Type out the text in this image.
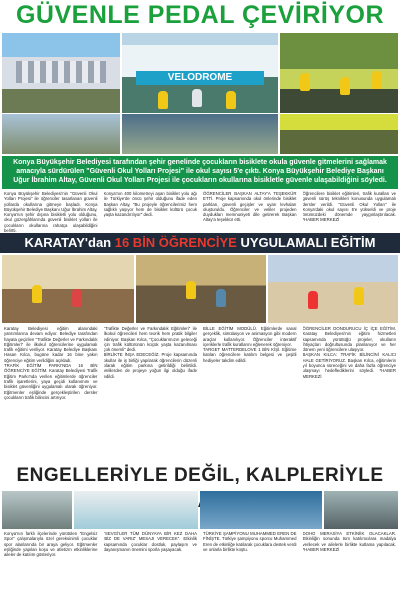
GÜVENLE PEDAL ÇEVİRİYOR
VELODROME
Konya Büyükşehir Belediyesi tarafından şehir genelinde çocukların bisiklete okula güvenle gitmelerini sağlamak amacıyla sürdürülen "Güvenli Okul Yolları Projesi" ile okul sayısı 5'e çıktı. Konya Büyükşehir Belediye Başkanı Uğur İbrahim Altay, Güvenli Okul Yolları Projesi ile çocukların okullarına bisikletle güvenle ulaşabildiğini söyledi.
Konya Büyükşehir Belediyesi'nin "Güvenli Okul Yolları Projesi" ile öğrenciler tasarlanan güvenli yollarda okullarına gitmeye başladı. Konya Büyükşehir Belediye Başkanı Uğur İbrahim Altay, Konya'nın şehir dışına bisikletli yolu olduğunu, okul güzergâhlarında güvenli bisiklet yolları ile çocukların okullarına rahatça ulaşabildiğini belirtti.
Konya'nın 400 kilometreyi aşan bisiklet yolu ağı ile Türkiye'de öncü şehir olduğunu ifade eden Başkan Altay, "Bu projeyle öğrencilerimiz hem sağlıklı yaşıyor hem de bisiklet kültürü çocuk yaşta kazandırılıyor" dedi.
ÖĞRENCİLER BAŞKAN ALTAY'A TEŞEKKÜR ETTİ. Proje kapsamında okul önlerinde bisiklet parkları, güvenli geçişler ve uyarı levhaları oluşturuldu. Öğrenciler ve veliler projeden duydukları memnuniyeti dile getirerek Başkan Altay'a teşekkür etti.
Öğrencilere bisiklet eğitimleri, trafik kuralları ve güvenli sürüş teknikleri konusunda uygulamalı dersler verildi. "Güvenli Okul Yolları" ile Konya'daki okul sayısı 5'e yükseldi ve proje önümüzdeki dönemde yaygınlaştırılacak. *HABER MERKEZİ
KARATAY'dan 16 BİN ÖĞRENCİYE UYGULAMALI EĞİTİM

Karatay Belediyesi eğitim alanındaki yatırımlarına devam ediyor. Belediye tarafından hayata geçirilen "Trafikte Değerler ve Farkındalık Eğitimleri" ile ilkokul öğrencilerine uygulamalı trafik eğitimi veriliyor. Karatay Belediye Başkanı Hasan Kılca, bugüne kadar 16 bine yakın öğrenciye eğitim verildiğini açıkladı.

TRAFİK EĞİTİM PARKI'NDA 16 BİN ÖĞRENCİYE EĞİTİM. Karatay Belediyesi Trafik Eğitim Parkı'nda verilen eğitimlerde öğrenciler trafik işaretlerini, yaya geçidi kullanımını ve bisiklet güvenliğini uygulamalı olarak öğreniyor. Eğitmenler eşliğinde gerçekleştirilen dersler çocukların trafik bilincini artırıyor.

"Trafikte Değerler ve Farkındalık Eğitimleri" ile ilkokul öğrencileri hem teorik hem pratik bilgiler ediniyor. Başkan Kılca, "Çocuklarımızın geleceği için trafik kültürünün küçük yaşta kazanılması çok önemli" dedi.

BİRLİKTE İNŞA EDECEĞİZ. Proje kapsamında okullar ile iş birliği yapılarak öğrencilerin düzenli olarak eğitim parkına getirildiği belirtildi. Velilerden de projeye yoğun ilgi olduğu ifade edildi.

BİLLE EĞİTİM MODÜLÜ. Eğitimlerde sanal gerçeklik, simülasyon ve animasyon gibi modern araçlar kullanılıyor. Öğrenciler interaktif içeriklerle trafik kurallarını eğlenerek öğreniyor.

TARGET MATTERDELOVE 1 BİN KİŞİ. Eğitime katılan öğrencilere katılım belgesi ve çeşitli hediyeler takdim edildi.

ÖĞRENCİLER DONDURUCU İÇ İÇE EĞİTİM. Karatay Belediyesi'nin eğitim hizmetleri kapsamında yürüttüğü projeler, okulların ihtiyaçları doğrultusunda planlanıyor ve her dönem yeni öğrencilere ulaşıyor.

BAŞKAN KILCA: TRAFİK BİLİNCİNİ KALICI HALE GETİRİYORUZ. Başkan Kılca, eğitimlerin yıl boyunca süreceğini ve daha fazla öğrenciye ulaşmayı hedeflediklerini söyledi. *HABER MERKEZİ

ENGELLERİYLE DEĞİL, KALPLERİYLE
Konya'nın farklı ilçelerinde yürütülen "Engelsiz Spor" çalışmalarıyla özel gereksinimli çocuklar spor alanlarında bir araya geliyor. Eğitmenler eşliğinde yapılan koşu ve atletizm etkinliklerine aileler de katılım gösteriyor.
"SEVGİ'LER TÜM DÜNYAYA BİR KEZ DAHA 'BİZ DE VARIZ' MESAJI VERECEK". Etkinlik kapsamında çocuklar dostluk, paylaşım ve dayanışmanın önemini sporla yaşayacak.
TÜRKİYE ŞAMPİYONU MUHAMMED EREN DE FİNİŞTE. Türkiye şampiyonu sporcu Muhammed Eren de etkinliğe katılarak çocuklara destek verdi ve onlarla birlikte koştu.
DOHO MERASİYA ETKİNİİK OLACAKLAR. Etkinliğin sonunda tüm katılımcılara madalya verilecek ve ailelerle birlikte kutlama yapılacak. *HABER MERKEZİ
